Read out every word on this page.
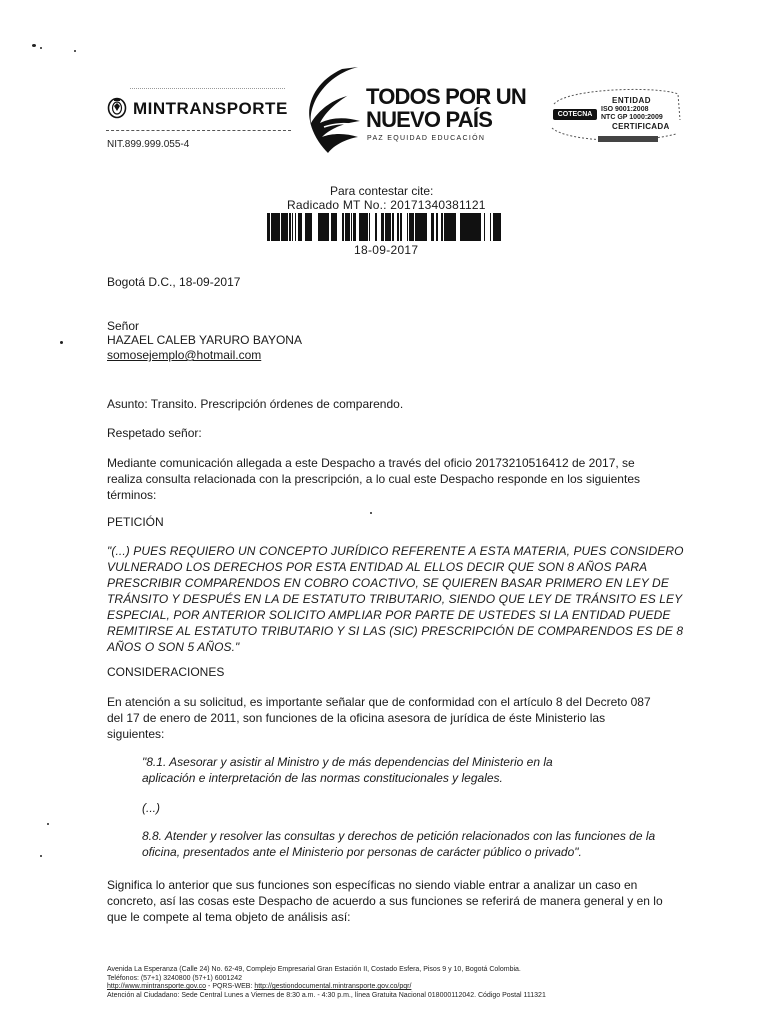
MINTRANSPORTE
NIT.899.999.055-4
TODOS POR UN
NUEVO PAÍS
PAZ EQUIDAD EDUCACIÓN
ENTIDAD
COTECNA
ISO 9001:2008
NTC GP 1000:2009
CERTIFICADA
Para contestar cite:
Radicado MT No.: 20171340381121
18-09-2017
Bogotá D.C., 18-09-2017
Señor
HAZAEL CALEB YARURO BAYONA
somosejemplo@hotmail.com
Asunto: Transito. Prescripción órdenes de comparendo.
Respetado señor:
Mediante comunicación allegada a este Despacho a través del oficio 20173210516412 de 2017, se
realiza consulta relacionada con la prescripción, a lo cual este Despacho responde en los siguientes
términos:
PETICIÓN
"(...) PUES REQUIERO UN CONCEPTO JURÍDICO REFERENTE A ESTA MATERIA, PUES CONSIDERO
VULNERADO LOS DERECHOS POR ESTA ENTIDAD AL ELLOS DECIR QUE SON 8 AÑOS PARA
PRESCRIBIR COMPARENDOS EN COBRO COACTIVO, SE QUIEREN BASAR PRIMERO EN LEY DE
TRÁNSITO Y DESPUÉS EN LA DE ESTATUTO TRIBUTARIO, SIENDO QUE LEY DE TRÁNSITO ES LEY
ESPECIAL, POR ANTERIOR SOLICITO AMPLIAR POR PARTE DE USTEDES SI LA ENTIDAD PUEDE
REMITIRSE AL ESTATUTO TRIBUTARIO Y SI LAS (SIC) PRESCRIPCIÓN DE COMPARENDOS ES DE 8
AÑOS O SON 5 AÑOS."
CONSIDERACIONES
En atención a su solicitud, es importante señalar que de conformidad con el artículo 8 del Decreto 087
del 17 de enero de 2011, son funciones de la oficina asesora de jurídica de éste Ministerio las
siguientes:
"8.1. Asesorar y asistir al Ministro y de más dependencias del Ministerio en la
aplicación e interpretación de las normas constitucionales y legales.
(...)
8.8. Atender y resolver las consultas y derechos de petición relacionados con las funciones de la
oficina, presentados ante el Ministerio por personas de carácter público o privado".
Significa lo anterior que sus funciones son específicas no siendo viable entrar a analizar un caso en
concreto, así las cosas este Despacho de acuerdo a sus funciones se referirá de manera general y en lo
que le compete al tema objeto de análisis así:
Avenida La Esperanza (Calle 24) No. 62-49, Complejo Empresarial Gran Estación II, Costado Esfera, Pisos 9 y 10, Bogotá Colombia.
Teléfonos: (57+1) 3240800 (57+1) 6001242
http://www.mintransporte.gov.co - PQRS-WEB: http://gestiondocumental.mintransporte.gov.co/pqr/
Atención al Ciudadano: Sede Central Lunes a Viernes de 8:30 a.m. - 4:30 p.m., línea Gratuita Nacional 018000112042. Código Postal 111321
